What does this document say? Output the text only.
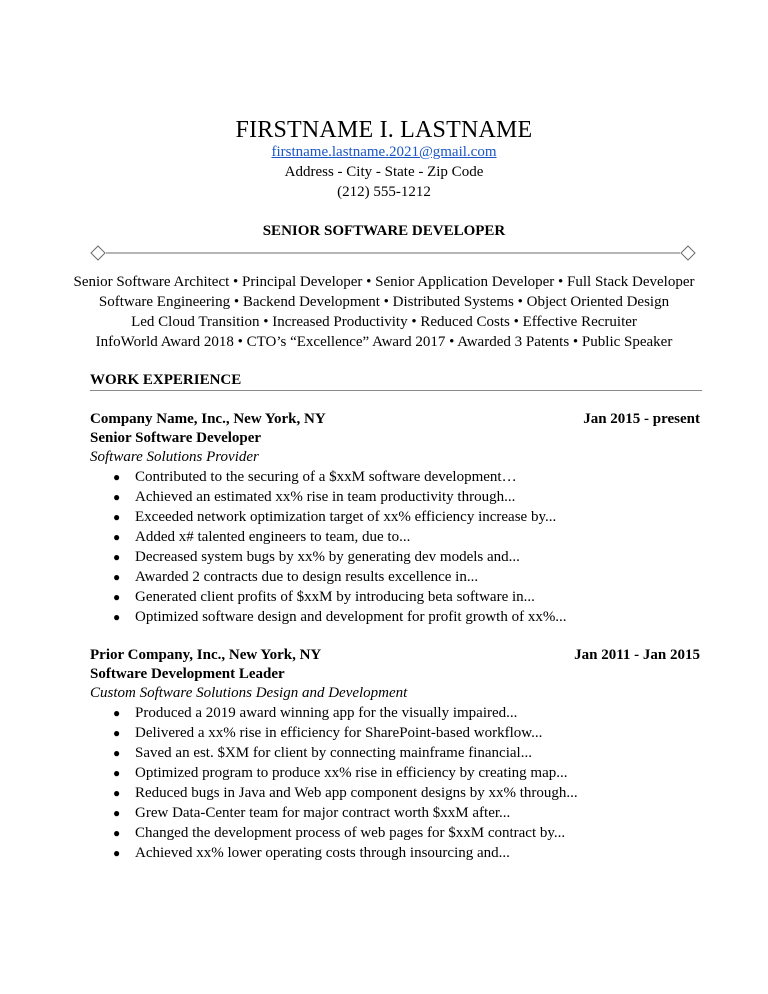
FIRSTNAME I. LASTNAME
firstname.lastname.2021@gmail.com
Address - City - State - Zip Code
(212) 555-1212
SENIOR SOFTWARE DEVELOPER
Senior Software Architect • Principal Developer • Senior Application Developer • Full Stack Developer
Software Engineering • Backend Development • Distributed Systems • Object Oriented Design
Led Cloud Transition • Increased Productivity • Reduced Costs • Effective Recruiter
InfoWorld Award 2018 • CTO’s “Excellence” Award 2017 • Awarded 3 Patents • Public Speaker
WORK EXPERIENCE
Company Name, Inc., New York, NY	Jan 2015 - present
Senior Software Developer
Software Solutions Provider
● Contributed to the securing of a $xxM software development…
● Achieved an estimated xx% rise in team productivity through...
● Exceeded network optimization target of xx% efficiency increase by...
● Added x# talented engineers to team, due to...
● Decreased system bugs by xx% by generating dev models and...
● Awarded 2 contracts due to design results excellence in...
● Generated client profits of $xxM by introducing beta software in...
● Optimized software design and development for profit growth of xx%...
Prior Company, Inc., New York, NY	Jan 2011 - Jan 2015
Software Development Leader
Custom Software Solutions Design and Development
● Produced a 2019 award winning app for the visually impaired...
● Delivered a xx% rise in efficiency for SharePoint-based workflow...
● Saved an est. $XM for client by connecting mainframe financial...
● Optimized program to produce xx% rise in efficiency by creating map...
● Reduced bugs in Java and Web app component designs by xx% through...
● Grew Data-Center team for major contract worth $xxM after...
● Changed the development process of web pages for $xxM contract by...
● Achieved xx% lower operating costs through insourcing and...
